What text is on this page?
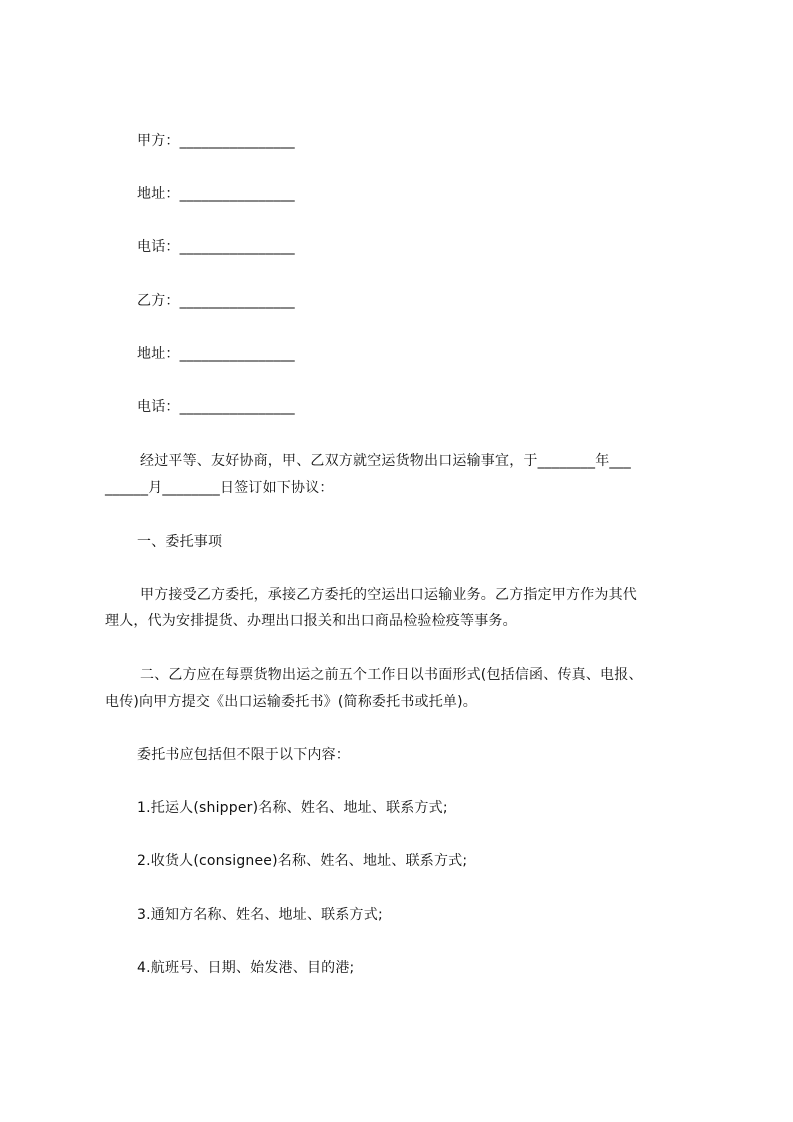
甲方：________________
地址：________________
电话：________________
乙方：________________
地址：________________
电话：________________
经过平等、友好协商，甲、乙双方就空运货物出口运输事宜，于________年___
______月________日签订如下协议：
一、委托事项
甲方接受乙方委托，承接乙方委托的空运出口运输业务。乙方指定甲方作为其代
理人，代为安排提货、办理出口报关和出口商品检验检疫等事务。
二、乙方应在每票货物出运之前五个工作日以书面形式(包括信函、传真、电报、
电传)向甲方提交《出口运输委托书》(简称委托书或托单)。
委托书应包括但不限于以下内容：
1.托运人(shipper)名称、姓名、地址、联系方式;
2.收货人(consignee)名称、姓名、地址、联系方式;
3.通知方名称、姓名、地址、联系方式;
4.航班号、日期、始发港、目的港;
